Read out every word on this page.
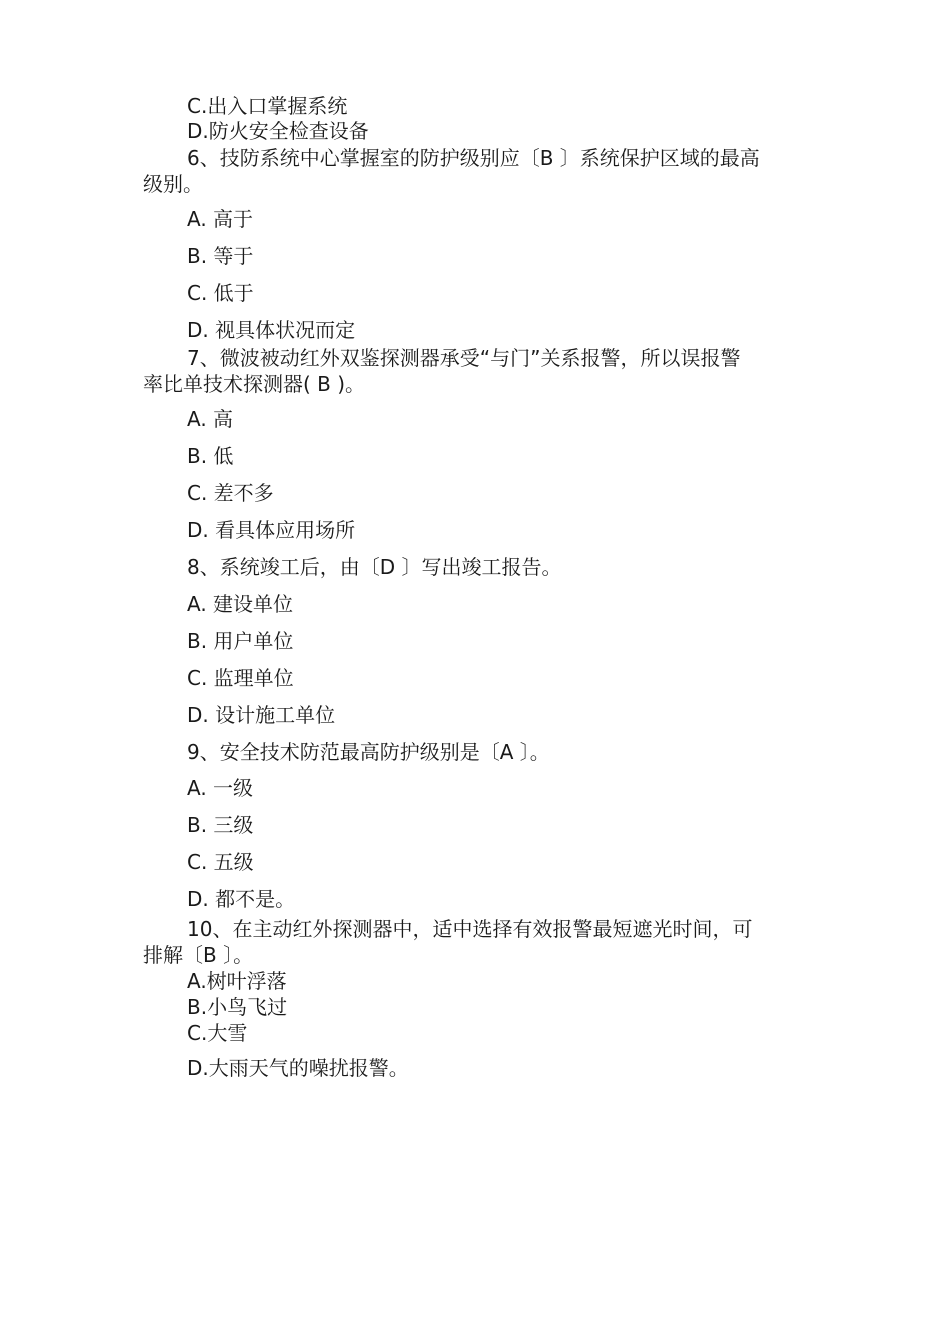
C.出入口掌握系统
D.防火安全检查设备
6、技防系统中心掌握室的防护级别应〔B 〕系统保护区域的最高
级别。
A. 高于
B. 等于
C. 低于
D. 视具体状况而定
7、微波被动红外双鉴探测器承受“与门”关系报警，所以误报警
率比单技术探测器( B )。
A. 高
B. 低
C. 差不多
D. 看具体应用场所
8、系统竣工后，由〔D 〕写出竣工报告。
A. 建设单位
B. 用户单位
C. 监理单位
D. 设计施工单位
9、安全技术防范最高防护级别是〔A 〕。
A. 一级
B. 三级
C. 五级
D. 都不是。
10、在主动红外探测器中，适中选择有效报警最短遮光时间，可
排解〔B 〕。
A.树叶浮落
B.小鸟飞过
C.大雪
D.大雨天气的噪扰报警。
